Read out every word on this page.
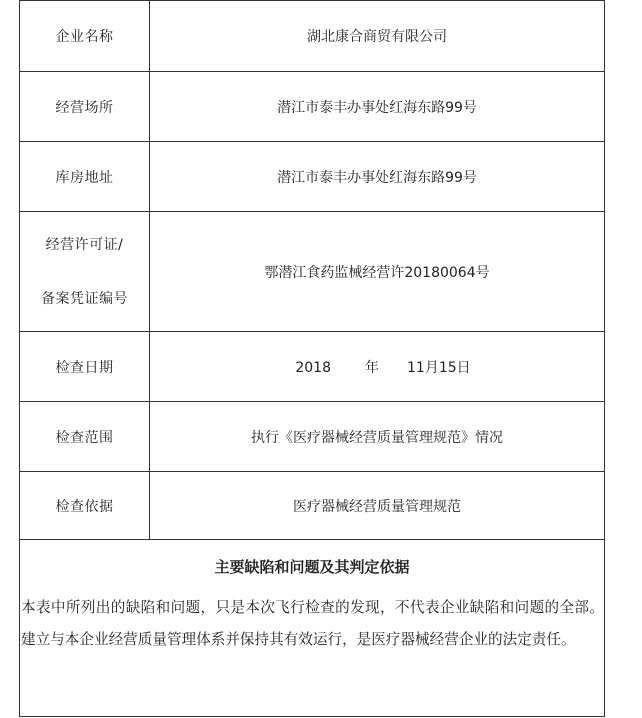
企业名称	湖北康合商贸有限公司
经营场所	潜江市泰丰办事处红海东路99号
库房地址	潜江市泰丰办事处红海东路99号

经营许可证/
备案凭证编号	鄂潜江食药监械经营许20180064号
检查日期	2018 年 11月15日
检查范围	执行《医疗器械经营质量管理规范》情况
检查依据	医疗器械经营质量管理规范
主要缺陷和问题及其判定依据	
本表中所列出的缺陷和问题，只是本次飞行检查的发现，不代表企业缺陷和问题的全部。建立与本企业经营质量管理体系并保持其有效运行，是医疗器械经营企业的法定责任。	
